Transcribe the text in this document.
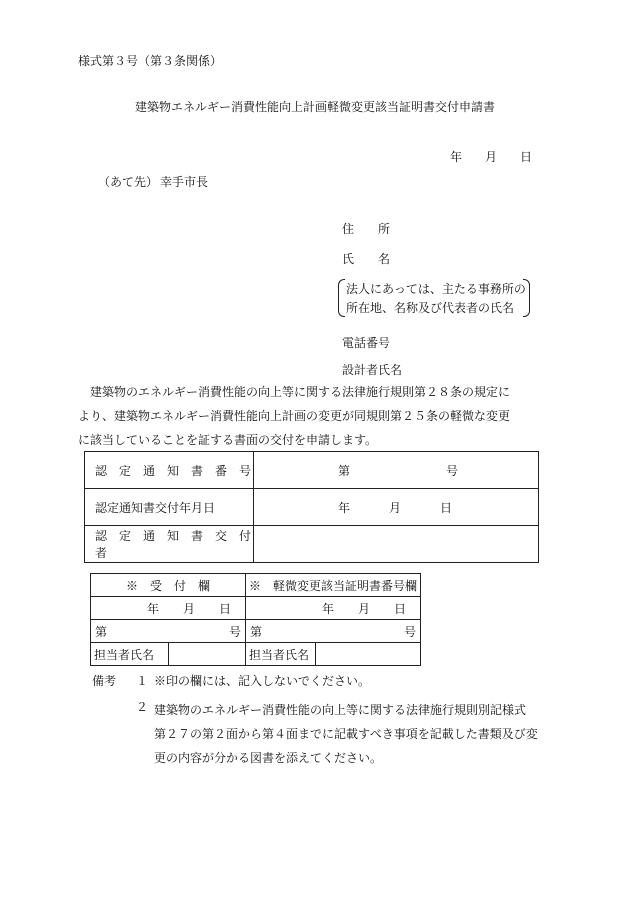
様式第３号（第３条関係）
建築物エネルギー消費性能向上計画軽微変更該当証明書交付申請書
年 月 日
（あて先） 幸手市長
住　　所
氏　　名
法人にあっては、主たる事務所の
所在地、名称及び代表者の氏名
電話番号
設計者氏名
　建築物のエネルギー消費性能の向上等に関する法律施行規則第２８条の規定に
より、建築物エネルギー消費性能向上計画の変更が同規則第２５条の軽微な変更
に該当していることを証する書面の交付を申請します。
認　定　通　知　書　番　号	第 号

認定通知書交付年月日	年 月 日

認　定　通　知　書　交　付　者	
※　受　付　欄		※　軽微変更該当証明書番号欄	

年 月 日		年 月 日	

第 号		第 号	

担当者氏名		担当者氏名	
備考 １ ※印の欄には、記入しないでください。
２ 建築物のエネルギー消費性能の向上等に関する法律施行規則別記様式
第２７の第２面から第４面までに記載すべき事項を記載した書類及び変
更の内容が分かる図書を添えてください。
